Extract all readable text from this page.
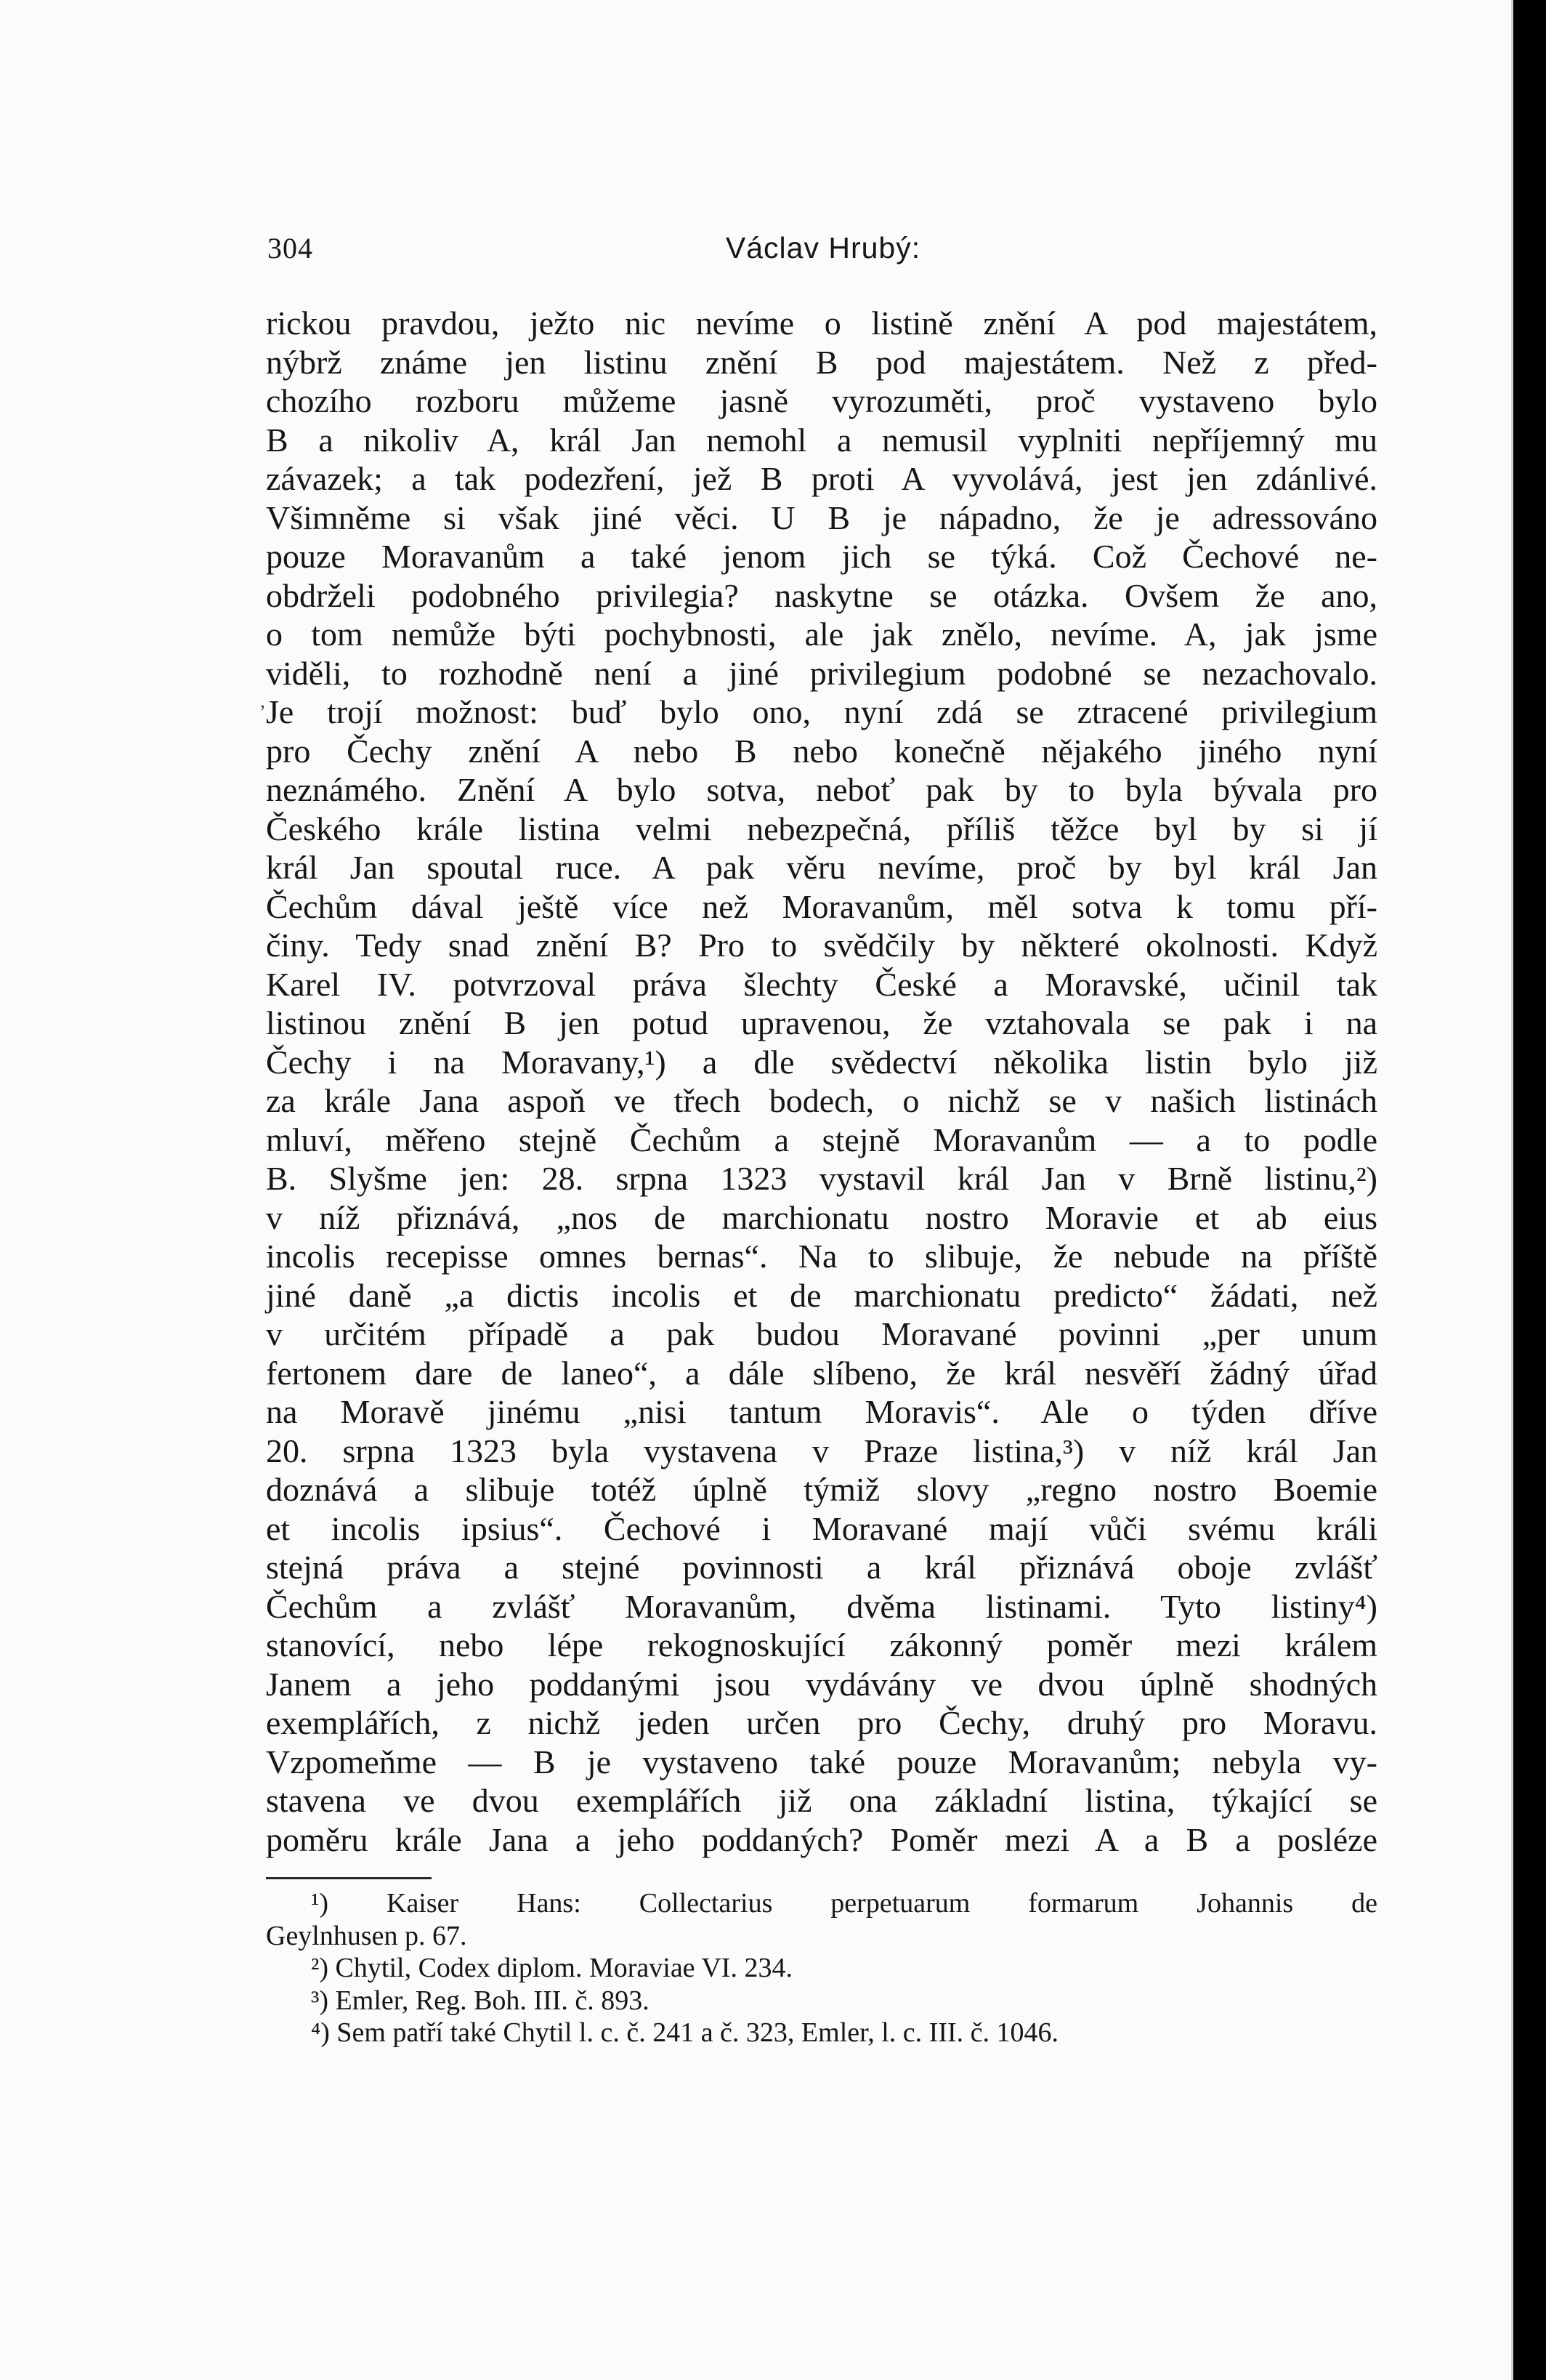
304	Václav Hrubý:
‚
rickou pravdou, ježto nic nevíme o listině znění A pod majestátem,
nýbrž známe jen listinu znění B pod majestátem. Než z před-
chozího rozboru můžeme jasně vyrozuměti, proč vystaveno bylo
B a nikoliv A, král Jan nemohl a nemusil vyplniti nepříjemný mu
závazek; a tak podezření, jež B proti A vyvolává, jest jen zdánlivé.
Všimněme si však jiné věci. U B je nápadno, že je adressováno
pouze Moravanům a také jenom jich se týká. Což Čechové ne-
obdrželi podobného privilegia? naskytne se otázka. Ovšem že ano,
o tom nemůže býti pochybnosti, ale jak znělo, nevíme. A, jak jsme
viděli, to rozhodně není a jiné privilegium podobné se nezachovalo.
Je trojí možnost: buď bylo ono, nyní zdá se ztracené privilegium
pro Čechy znění A nebo B nebo konečně nějakého jiného nyní
neznámého. Znění A bylo sotva, neboť pak by to byla bývala pro
Českého krále listina velmi nebezpečná, příliš těžce byl by si jí
král Jan spoutal ruce. A pak věru nevíme, proč by byl král Jan
Čechům dával ještě více než Moravanům, měl sotva k tomu pří-
činy. Tedy snad znění B? Pro to svědčily by některé okolnosti. Když
Karel IV. potvrzoval práva šlechty České a Moravské, učinil tak
listinou znění B jen potud upravenou, že vztahovala se pak i na
Čechy i na Moravany,¹) a dle svědectví několika listin bylo již
za krále Jana aspoň ve třech bodech, o nichž se v našich listinách
mluví, měřeno stejně Čechům a stejně Moravanům — a to podle
B. Slyšme jen: 28. srpna 1323 vystavil král Jan v Brně listinu,²)
v níž přiznává, „nos de marchionatu nostro Moravie et ab eius
incolis recepisse omnes bernas“. Na to slibuje, že nebude na příště
jiné daně „a dictis incolis et de marchionatu predicto“ žádati, než
v určitém případě a pak budou Moravané povinni „per unum
fertonem dare de laneo“, a dále slíbeno, že král nesvěří žádný úřad
na Moravě jinému „nisi tantum Moravis“. Ale o týden dříve
20. srpna 1323 byla vystavena v Praze listina,³) v níž král Jan
doznává a slibuje totéž úplně týmiž slovy „regno nostro Boemie
et incolis ipsius“. Čechové i Moravané mají vůči svému králi
stejná práva a stejné povinnosti a král přiznává oboje zvlášť
Čechům a zvlášť Moravanům, dvěma listinami. Tyto listiny⁴)
stanovící, nebo lépe rekognoskující zákonný poměr mezi králem
Janem a jeho poddanými jsou vydávány ve dvou úplně shodných
exemplářích, z nichž jeden určen pro Čechy, druhý pro Moravu.
Vzpomeňme — B je vystaveno také pouze Moravanům; nebyla vy-
stavena ve dvou exemplářích již ona základní listina, týkající se
poměru krále Jana a jeho poddaných? Poměr mezi A a B a posléze
¹) Kaiser Hans: Collectarius perpetuarum formarum Johannis de
Geylnhusen p. 67.
²) Chytil, Codex diplom. Moraviae VI. 234.
³) Emler, Reg. Boh. III. č. 893.
⁴) Sem patří také Chytil l. c. č. 241 a č. 323, Emler, l. c. III. č. 1046.
